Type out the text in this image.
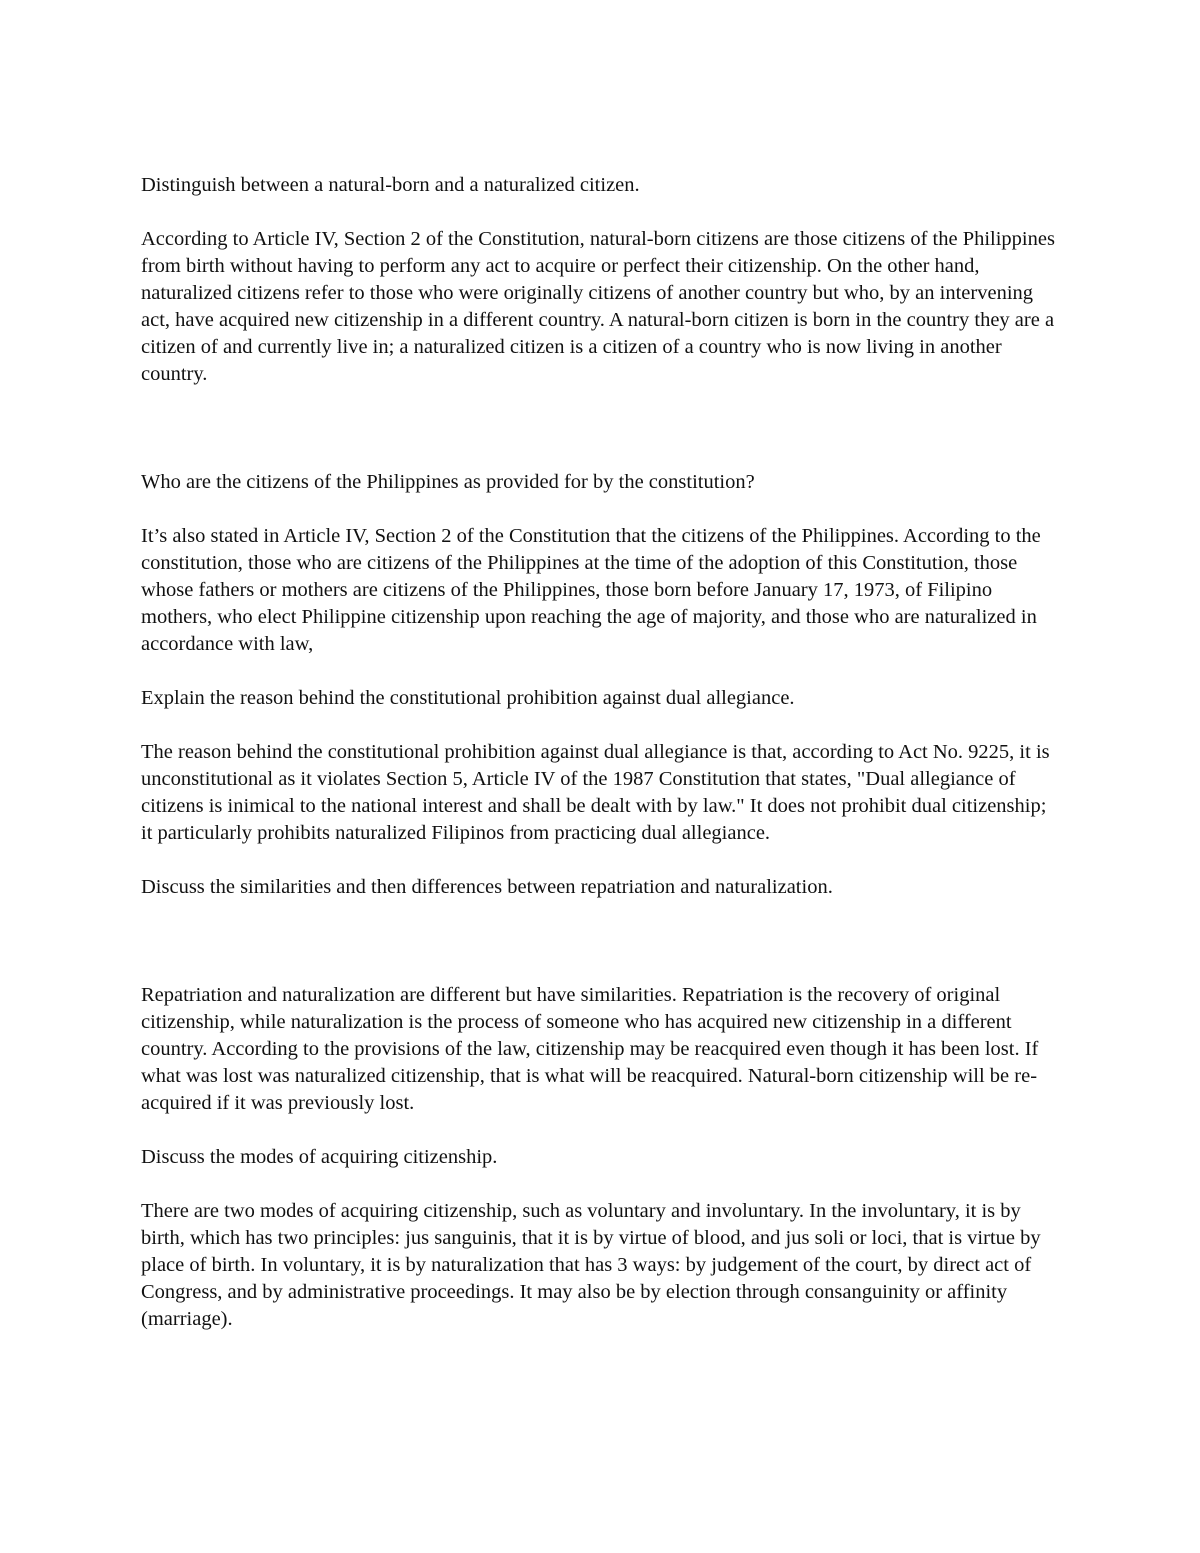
Distinguish between a natural-born and a naturalized citizen.

According to Article IV, Section 2 of the Constitution, natural-born citizens are those citizens of the Philippines from birth without having to perform any act to acquire or perfect their citizenship. On the other hand, naturalized citizens refer to those who were originally citizens of another country but who, by an intervening act, have acquired new citizenship in a different country. A natural-born citizen is born in the country they are a citizen of and currently live in; a naturalized citizen is a citizen of a country who is now living in another country.

Who are the citizens of the Philippines as provided for by the constitution?

It’s also stated in Article IV, Section 2 of the Constitution that the citizens of the Philippines. According to the constitution, those who are citizens of the Philippines at the time of the adoption of this Constitution, those whose fathers or mothers are citizens of the Philippines, those born before January 17, 1973, of Filipino mothers, who elect Philippine citizenship upon reaching the age of majority, and those who are naturalized in accordance with law,

Explain the reason behind the constitutional prohibition against dual allegiance.

The reason behind the constitutional prohibition against dual allegiance is that, according to Act No. 9225, it is unconstitutional as it violates Section 5, Article IV of the 1987 Constitution that states, "Dual allegiance of citizens is inimical to the national interest and shall be dealt with by law." It does not prohibit dual citizenship; it particularly prohibits naturalized Filipinos from practicing dual allegiance.

Discuss the similarities and then differences between repatriation and naturalization.

Repatriation and naturalization are different but have similarities. Repatriation is the recovery of original citizenship, while naturalization is the process of someone who has acquired new citizenship in a different country. According to the provisions of the law, citizenship may be reacquired even though it has been lost. If what was lost was naturalized citizenship, that is what will be reacquired. Natural-born citizenship will be re-acquired if it was previously lost.

Discuss the modes of acquiring citizenship.

There are two modes of acquiring citizenship, such as voluntary and involuntary. In the involuntary, it is by birth, which has two principles: jus sanguinis, that it is by virtue of blood, and jus soli or loci, that is virtue by place of birth. In voluntary, it is by naturalization that has 3 ways: by judgement of the court, by direct act of Congress, and by administrative proceedings. It may also be by election through consanguinity or affinity (marriage).
